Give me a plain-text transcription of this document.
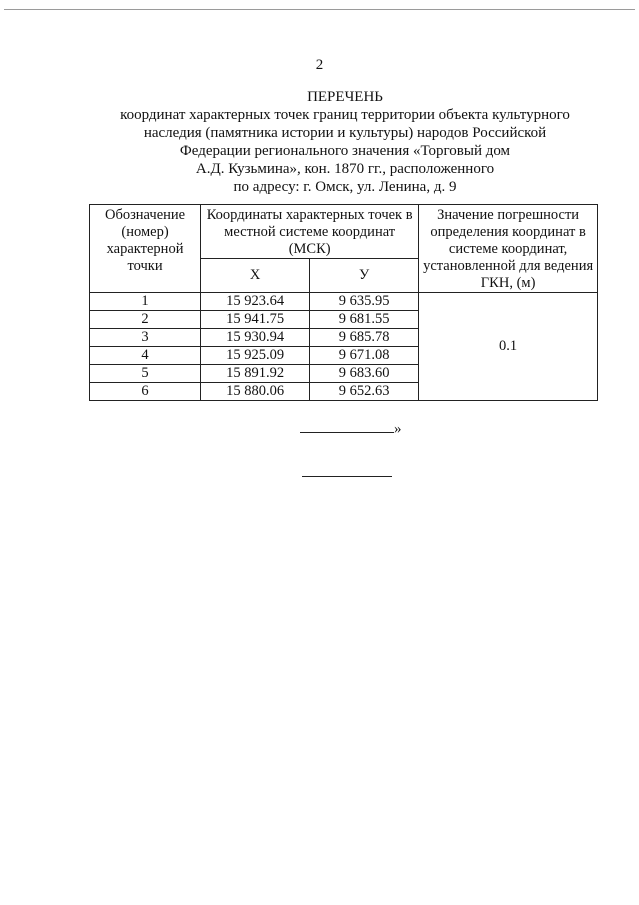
2
ПЕРЕЧЕНЬ
координат характерных точек границ территории объекта культурного
наследия (памятника истории и культуры) народов Российской
Федерации регионального значения «Торговый дом
А.Д. Кузьмина», кон. 1870 гг., расположенного
по адресу: г. Омск, ул. Ленина, д. 9
Обозначение (номер) характерной точки	Координаты характерных точек в местной системе координат (МСК)		Значение погрешности определения координат в системе координат, установленной для ведения ГКН, (м)
	X	У	
1	15 923.64	9 635.95	0.1
2	15 941.75	9 681.55	
3	15 930.94	9 685.78	
4	15 925.09	9 671.08	
5	15 891.92	9 683.60	
6	15 880.06	9 652.63	
»
